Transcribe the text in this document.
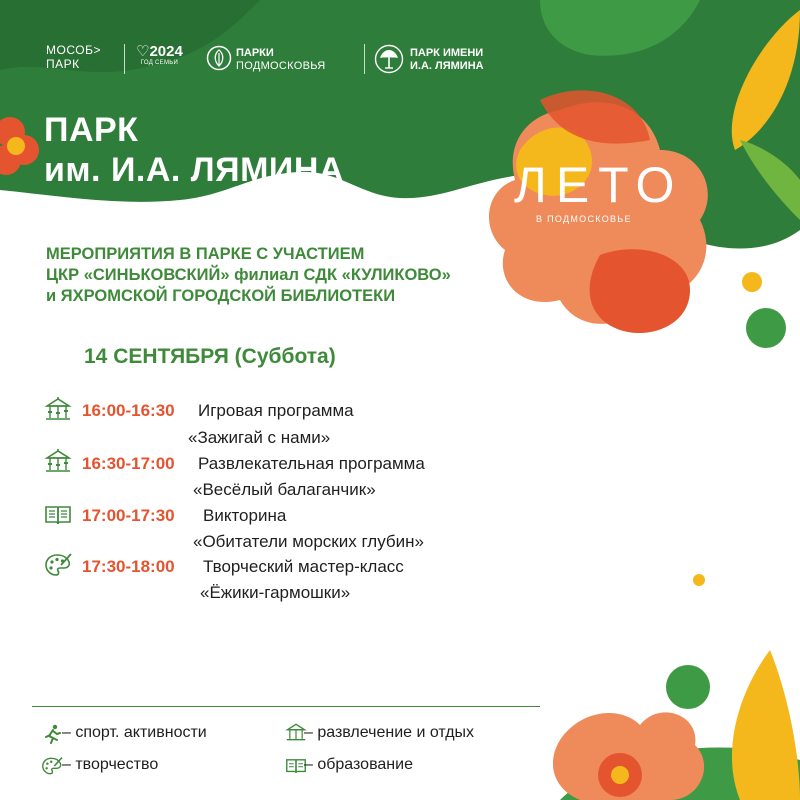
МОСОБ>
ПАРК
♡2024
ГОД СЕМЬИ
ПАРКИ
ПОДМОСКОВЬЯ
ПАРК ИМЕНИ
И.А. ЛЯМИНА
ПАРК
им. И.А. ЛЯМИНА	ЛЕТО
В ПОДМОСКОВЬЕ
МЕРОПРИЯТИЯ В ПАРКЕ С УЧАСТИЕМ
ЦКР «СИНЬКОВСКИЙ» филиал СДК «КУЛИКОВО»
и ЯХРОМСКОЙ ГОРОДСКОЙ БИБЛИОТЕКИ
14 СЕНТЯБРЯ (Суббота)
16:00-16:30 Игровая программа
«Зажигай с нами»
16:30-17:00 Развлекательная программа
«Весёлый балаганчик»
17:00-17:30 Викторина
«Обитатели морских глубин»
17:30-18:00 Творческий мастер-класс
«Ёжики-гармошки»
– спорт. активности	– развлечение и отдых
– творчество	– образование
